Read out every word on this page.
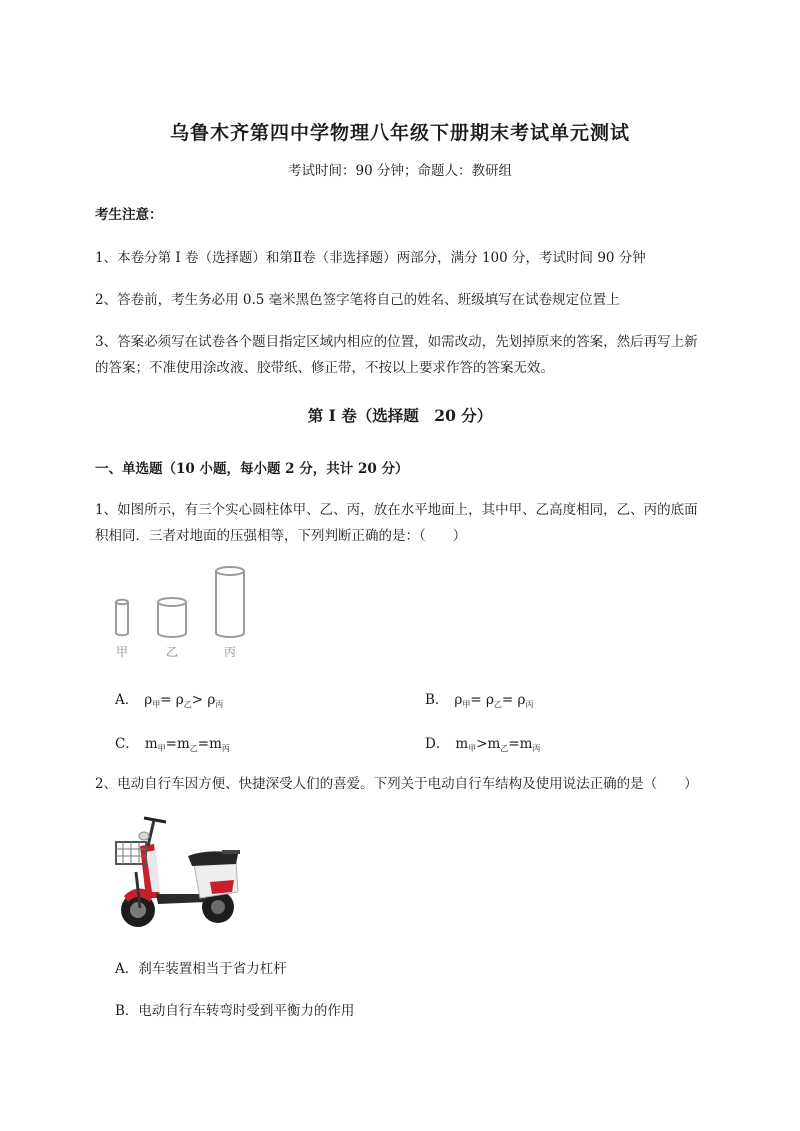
乌鲁木齐第四中学物理八年级下册期末考试单元测试
考试时间：90 分钟；命题人：教研组
考生注意：
1、本卷分第 I 卷（选择题）和第Ⅱ卷（非选择题）两部分，满分 100 分，考试时间 90 分钟
2、答卷前，考生务必用 0.5 毫米黑色签字笔将自己的姓名、班级填写在试卷规定位置上
3、答案必须写在试卷各个题目指定区域内相应的位置，如需改动，先划掉原来的答案，然后再写上新
的答案；不准使用涂改液、胶带纸、修正带，不按以上要求作答的答案无效。
第 I 卷（选择题　20 分）
一、单选题（10 小题，每小题 2 分，共计 20 分）
1、如图所示，有三个实心圆柱体甲、乙、丙，放在水平地面上，其中甲、乙高度相同，乙、丙的底面
积相同．三者对地面的压强相等，下列判断正确的是：（　　）
甲	乙	丙
A． $\rho_甲= \rho_乙> \rho_丙$	B． $\rho_甲= \rho_乙= \rho_丙$
C． $m_甲=m_乙=m_丙$	D． $m_甲>m_乙=m_丙$
2、电动自行车因方便、快捷深受人们的喜爱。下列关于电动自行车结构及使用说法正确的是（　　）
A．刹车装置相当于省力杠杆
B．电动自行车转弯时受到平衡力的作用
